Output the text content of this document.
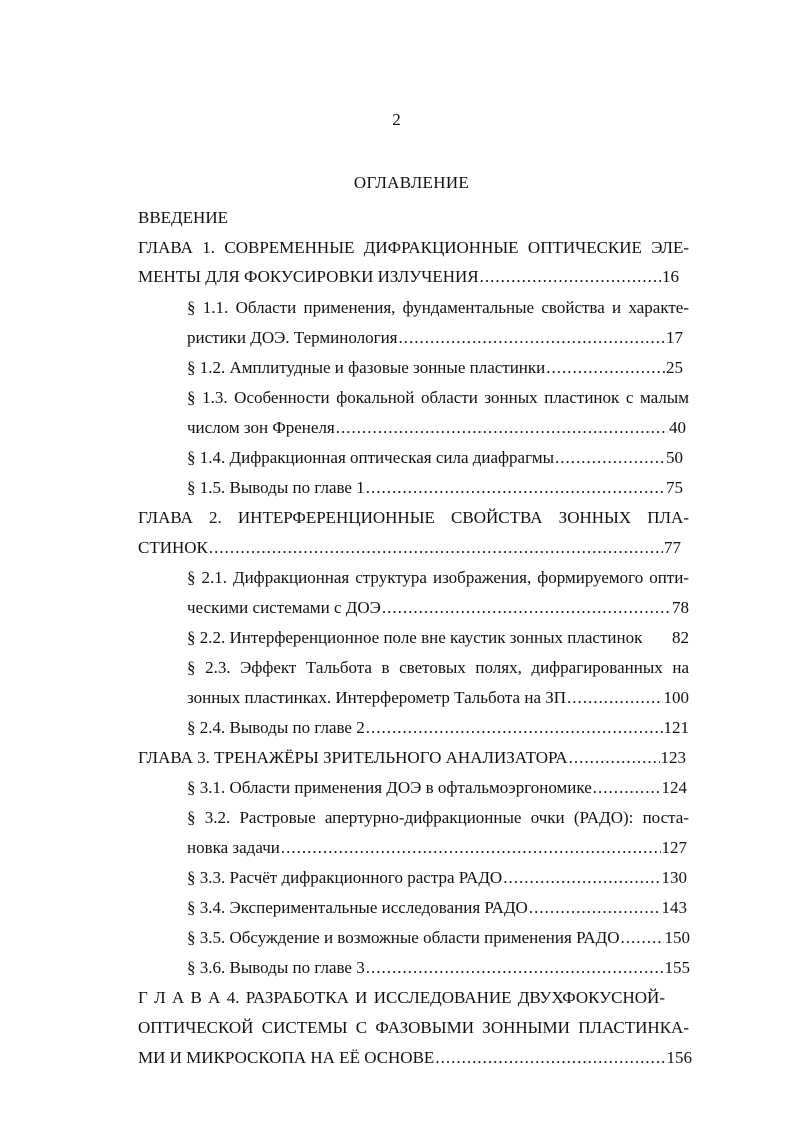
2
ОГЛАВЛЕНИЕ
ВВЕДЕНИЕ
ГЛАВА 1. СОВРЕМЕННЫЕ ДИФРАКЦИОННЫЕ ОПТИЧЕСКИЕ ЭЛЕ-
МЕНТЫ ДЛЯ ФОКУСИРОВКИ ИЗЛУЧЕНИЯ .....	16
§ 1.1. Области применения, фундаментальные свойства и характе-
ристики ДОЭ. Терминология .....	17
§ 1.2. Амплитудные и фазовые зонные пластинки .....	25
§ 1.3. Особенности фокальной области зонных пластинок с малым
числом зон Френеля .....	40
§ 1.4. Дифракционная оптическая сила диафрагмы .....	50
§ 1.5. Выводы по главе 1 .....	75
ГЛАВА 2. ИНТЕРФЕРЕНЦИОННЫЕ СВОЙСТВА ЗОННЫХ ПЛА-
СТИНОК .....	77
§ 2.1. Дифракционная структура изображения, формируемого опти-
ческими системами с ДОЭ .....	78
§ 2.2. Интерференционное поле вне каустик зонных пластинок 82
§ 2.3. Эффект Тальбота в световых полях, дифрагированных на
зонных пластинках. Интерферометр Тальбота на ЗП .....	100
§ 2.4. Выводы по главе 2 .....	121
ГЛАВА 3. ТРЕНАЖЁРЫ ЗРИТЕЛЬНОГО АНАЛИЗАТОРА .....	123
§ 3.1. Области применения ДОЭ в офтальмоэргономике .....	124
§ 3.2. Растровые апертурно-дифракционные очки (РАДО): поста-
новка задачи .....	127
§ 3.3. Расчёт дифракционного растра РАДО .....	130
§ 3.4. Экспериментальные исследования РАДО .....	143
§ 3.5. Обсуждение и возможные области применения РАДО .....	150
§ 3.6. Выводы по главе 3 .....	155
Г Л А В А 4. РАЗРАБОТКА И ИССЛЕДОВАНИЕ ДВУХФОКУСНОЙ-
ОПТИЧЕСКОЙ СИСТЕМЫ С ФАЗОВЫМИ ЗОННЫМИ ПЛАСТИНКА-
МИ И МИКРОСКОПА НА ЕЁ ОСНОВЕ .....	156
